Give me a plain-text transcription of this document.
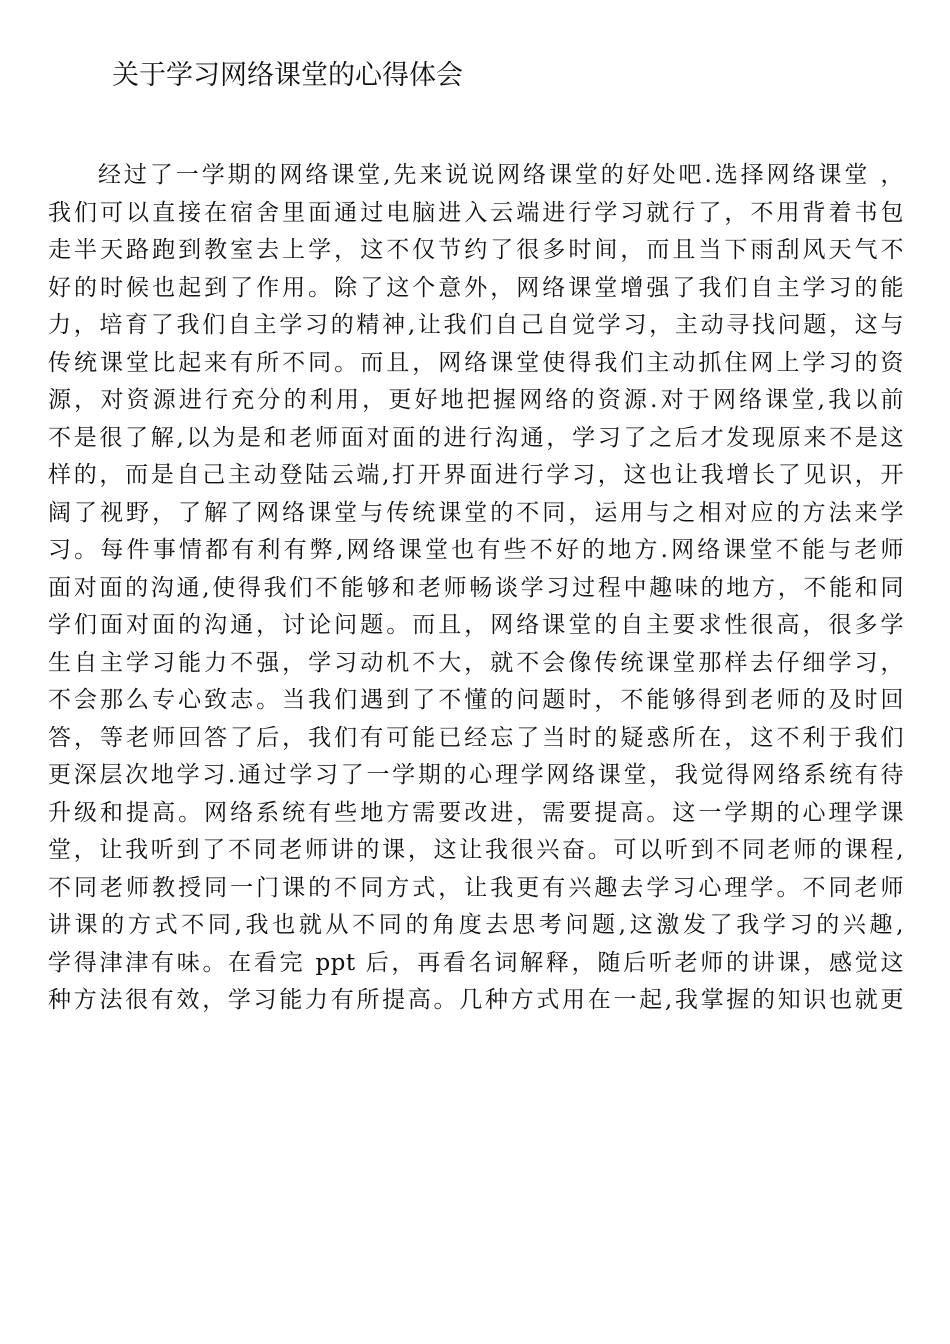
关于学习网络课堂的心得体会
经过了一学期的网络课堂,先来说说网络课堂的好处吧.选择网络课堂 ，
我们可以直接在宿舍里面通过电脑进入云端进行学习就行了，不用背着书包
走半天路跑到教室去上学，这不仅节约了很多时间，而且当下雨刮风天气不
好的时候也起到了作用。除了这个意外，网络课堂增强了我们自主学习的能
力，培育了我们自主学习的精神,让我们自己自觉学习，主动寻找问题，这与
传统课堂比起来有所不同。而且，网络课堂使得我们主动抓住网上学习的资
源，对资源进行充分的利用，更好地把握网络的资源.对于网络课堂,我以前
不是很了解,以为是和老师面对面的进行沟通，学习了之后才发现原来不是这
样的，而是自己主动登陆云端,打开界面进行学习，这也让我增长了见识，开
阔了视野，了解了网络课堂与传统课堂的不同，运用与之相对应的方法来学
习。每件事情都有利有弊,网络课堂也有些不好的地方.网络课堂不能与老师
面对面的沟通,使得我们不能够和老师畅谈学习过程中趣味的地方，不能和同
学们面对面的沟通，讨论问题。而且，网络课堂的自主要求性很高，很多学
生自主学习能力不强，学习动机不大，就不会像传统课堂那样去仔细学习，
不会那么专心致志。当我们遇到了不懂的问题时，不能够得到老师的及时回
答，等老师回答了后，我们有可能已经忘了当时的疑惑所在，这不利于我们
更深层次地学习.通过学习了一学期的心理学网络课堂，我觉得网络系统有待
升级和提高。网络系统有些地方需要改进，需要提高。这一学期的心理学课
堂，让我听到了不同老师讲的课，这让我很兴奋。可以听到不同老师的课程,
不同老师教授同一门课的不同方式，让我更有兴趣去学习心理学。不同老师
讲课的方式不同,我也就从不同的角度去思考问题,这激发了我学习的兴趣,
学得津津有味。在看完 ppt 后，再看名词解释，随后听老师的讲课，感觉这
种方法很有效，学习能力有所提高。几种方式用在一起,我掌握的知识也就更
